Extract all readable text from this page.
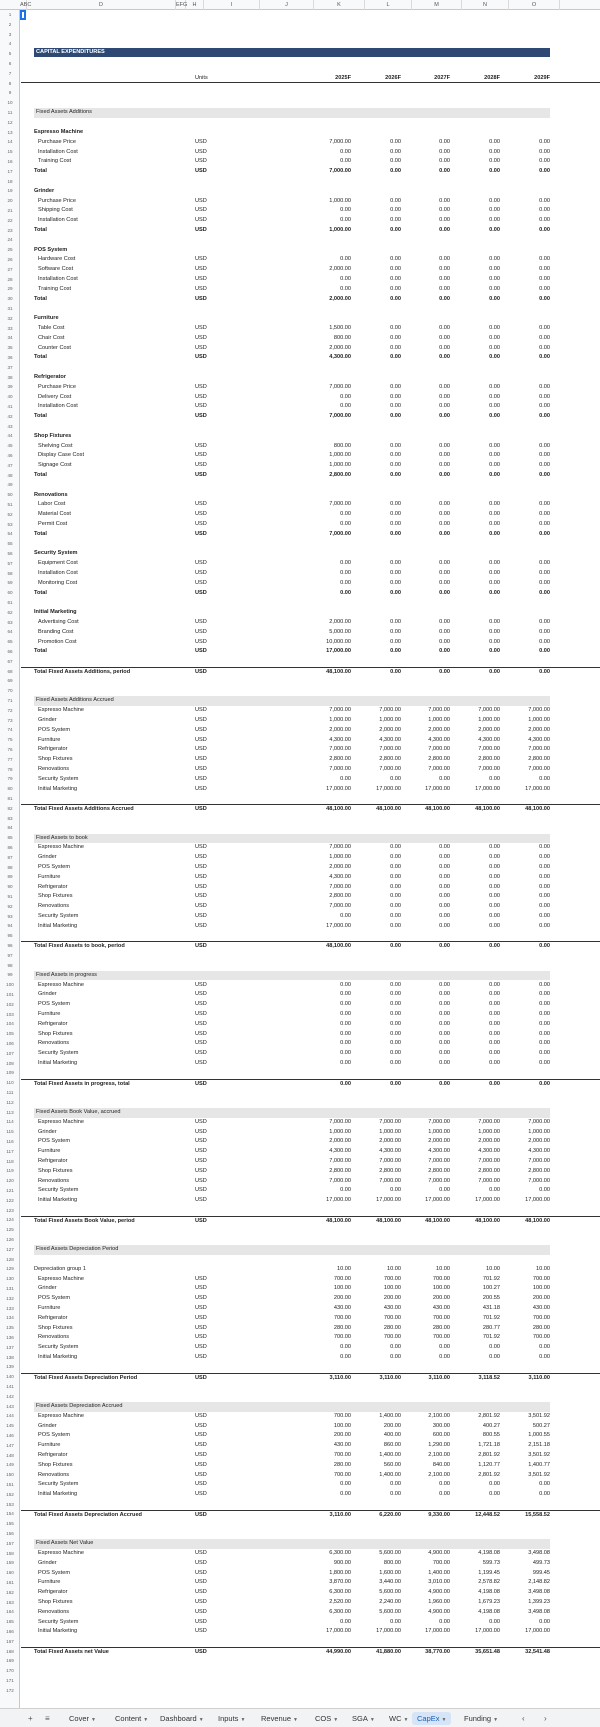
ABC	D	EFG H	I	J	K	L	M	N	O
1
2
3
4
5
6
7
8
9
10
11
12
13
14
15
16
17
18
19
20
21
22
23
24
25
26
27
28
29
30
31
32
33
34
35
36
37
38
39
40
41
42
43
44
45
46
47
48
49
50
51
52
53
54
55
56
57
58
59
60
61
62
63
64
65
66
67
68
69
70
71
72
73
74
75
76
77
78
79
80
81
82
83
84
85
86
87
88
89
90
91
92
93
94
95
96
97
98
99
100
101
102
103
104
105
106
107
108
109
110
111
112
113
114
115
116
117
118
119
120
121
122
123
124
125
126
127
128
129
130
131
132
133
134
135
136
137
138
139
140
141
142
143
144
145
146
147
148
149
150
151
152
153
154
155
156
157
158
159
160
161
162
163
164
165
166
167
168
169
170
171
172
CAPITAL EXPENDITURES
Units	2025F	2026F	2027F	2028F	2029F
Fixed Assets Additions
Espresso Machine
Purchase Price	USD	7,000.00	0.00	0.00	0.00	0.00
Installation Cost	USD	0.00	0.00	0.00	0.00	0.00
Training Cost	USD	0.00	0.00	0.00	0.00	0.00
Total	USD	7,000.00	0.00	0.00	0.00	0.00
Grinder
Purchase Price	USD	1,000.00	0.00	0.00	0.00	0.00
Shipping Cost	USD	0.00	0.00	0.00	0.00	0.00
Installation Cost	USD	0.00	0.00	0.00	0.00	0.00
Total	USD	1,000.00	0.00	0.00	0.00	0.00
POS System
Hardware Cost	USD	0.00	0.00	0.00	0.00	0.00
Software Cost	USD	2,000.00	0.00	0.00	0.00	0.00
Installation Cost	USD	0.00	0.00	0.00	0.00	0.00
Training Cost	USD	0.00	0.00	0.00	0.00	0.00
Total	USD	2,000.00	0.00	0.00	0.00	0.00
Furniture
Table Cost	USD	1,500.00	0.00	0.00	0.00	0.00
Chair Cost	USD	800.00	0.00	0.00	0.00	0.00
Counter Cost	USD	2,000.00	0.00	0.00	0.00	0.00
Total	USD	4,300.00	0.00	0.00	0.00	0.00
Refrigerator
Purchase Price	USD	7,000.00	0.00	0.00	0.00	0.00
Delivery Cost	USD	0.00	0.00	0.00	0.00	0.00
Installation Cost	USD	0.00	0.00	0.00	0.00	0.00
Total	USD	7,000.00	0.00	0.00	0.00	0.00
Shop Fixtures
Shelving Cost	USD	800.00	0.00	0.00	0.00	0.00
Display Case Cost	USD	1,000.00	0.00	0.00	0.00	0.00
Signage Cost	USD	1,000.00	0.00	0.00	0.00	0.00
Total	USD	2,800.00	0.00	0.00	0.00	0.00
Renovations
Labor Cost	USD	7,000.00	0.00	0.00	0.00	0.00
Material Cost	USD	0.00	0.00	0.00	0.00	0.00
Permit Cost	USD	0.00	0.00	0.00	0.00	0.00
Total	USD	7,000.00	0.00	0.00	0.00	0.00
Security System
Equipment Cost	USD	0.00	0.00	0.00	0.00	0.00
Installation Cost	USD	0.00	0.00	0.00	0.00	0.00
Monitoring Cost	USD	0.00	0.00	0.00	0.00	0.00
Total	USD	0.00	0.00	0.00	0.00	0.00
Initial Marketing
Advertising Cost	USD	2,000.00	0.00	0.00	0.00	0.00
Branding Cost	USD	5,000.00	0.00	0.00	0.00	0.00
Promotion Cost	USD	10,000.00	0.00	0.00	0.00	0.00
Total	USD	17,000.00	0.00	0.00	0.00	0.00
Total Fixed Assets Additions, period	USD	48,100.00	0.00	0.00	0.00	0.00
Fixed Assets Additions Accrued
Espresso Machine	USD	7,000.00	7,000.00	7,000.00	7,000.00	7,000.00
Grinder	USD	1,000.00	1,000.00	1,000.00	1,000.00	1,000.00
POS System	USD	2,000.00	2,000.00	2,000.00	2,000.00	2,000.00
Furniture	USD	4,300.00	4,300.00	4,300.00	4,300.00	4,300.00
Refrigerator	USD	7,000.00	7,000.00	7,000.00	7,000.00	7,000.00
Shop Fixtures	USD	2,800.00	2,800.00	2,800.00	2,800.00	2,800.00
Renovations	USD	7,000.00	7,000.00	7,000.00	7,000.00	7,000.00
Security System	USD	0.00	0.00	0.00	0.00	0.00
Initial Marketing	USD	17,000.00	17,000.00	17,000.00	17,000.00	17,000.00
Total Fixed Assets Additions Accrued	USD	48,100.00	48,100.00	48,100.00	48,100.00	48,100.00
Fixed Assets to book
Espresso Machine	USD	7,000.00	0.00	0.00	0.00	0.00
Grinder	USD	1,000.00	0.00	0.00	0.00	0.00
POS System	USD	2,000.00	0.00	0.00	0.00	0.00
Furniture	USD	4,300.00	0.00	0.00	0.00	0.00
Refrigerator	USD	7,000.00	0.00	0.00	0.00	0.00
Shop Fixtures	USD	2,800.00	0.00	0.00	0.00	0.00
Renovations	USD	7,000.00	0.00	0.00	0.00	0.00
Security System	USD	0.00	0.00	0.00	0.00	0.00
Initial Marketing	USD	17,000.00	0.00	0.00	0.00	0.00
Total Fixed Assets to book, period	USD	48,100.00	0.00	0.00	0.00	0.00
Fixed Assets in progress
Espresso Machine	USD	0.00	0.00	0.00	0.00	0.00
Grinder	USD	0.00	0.00	0.00	0.00	0.00
POS System	USD	0.00	0.00	0.00	0.00	0.00
Furniture	USD	0.00	0.00	0.00	0.00	0.00
Refrigerator	USD	0.00	0.00	0.00	0.00	0.00
Shop Fixtures	USD	0.00	0.00	0.00	0.00	0.00
Renovations	USD	0.00	0.00	0.00	0.00	0.00
Security System	USD	0.00	0.00	0.00	0.00	0.00
Initial Marketing	USD	0.00	0.00	0.00	0.00	0.00
Total Fixed Assets in progress, total	USD	0.00	0.00	0.00	0.00	0.00
Fixed Assets Book Value, accrued
Espresso Machine	USD	7,000.00	7,000.00	7,000.00	7,000.00	7,000.00
Grinder	USD	1,000.00	1,000.00	1,000.00	1,000.00	1,000.00
POS System	USD	2,000.00	2,000.00	2,000.00	2,000.00	2,000.00
Furniture	USD	4,300.00	4,300.00	4,300.00	4,300.00	4,300.00
Refrigerator	USD	7,000.00	7,000.00	7,000.00	7,000.00	7,000.00
Shop Fixtures	USD	2,800.00	2,800.00	2,800.00	2,800.00	2,800.00
Renovations	USD	7,000.00	7,000.00	7,000.00	7,000.00	7,000.00
Security System	USD	0.00	0.00	0.00	0.00	0.00
Initial Marketing	USD	17,000.00	17,000.00	17,000.00	17,000.00	17,000.00
Total Fixed Assets Book Value, period	USD	48,100.00	48,100.00	48,100.00	48,100.00	48,100.00
Fixed Assets Depreciation Period
Depreciation group 1	10.00	10.00	10.00	10.00	10.00
Espresso Machine	USD	700.00	700.00	700.00	701.92	700.00
Grinder	USD	100.00	100.00	100.00	100.27	100.00
POS System	USD	200.00	200.00	200.00	200.55	200.00
Furniture	USD	430.00	430.00	430.00	431.18	430.00
Refrigerator	USD	700.00	700.00	700.00	701.92	700.00
Shop Fixtures	USD	280.00	280.00	280.00	280.77	280.00
Renovations	USD	700.00	700.00	700.00	701.92	700.00
Security System	USD	0.00	0.00	0.00	0.00	0.00
Initial Marketing	USD	0.00	0.00	0.00	0.00	0.00
Total Fixed Assets Depreciation Period	USD	3,110.00	3,110.00	3,110.00	3,118.52	3,110.00
Fixed Assets Depreciation Accrued
Espresso Machine	USD	700.00	1,400.00	2,100.00	2,801.92	3,501.92
Grinder	USD	100.00	200.00	300.00	400.27	500.27
POS System	USD	200.00	400.00	600.00	800.55	1,000.55
Furniture	USD	430.00	860.00	1,290.00	1,721.18	2,151.18
Refrigerator	USD	700.00	1,400.00	2,100.00	2,801.92	3,501.92
Shop Fixtures	USD	280.00	560.00	840.00	1,120.77	1,400.77
Renovations	USD	700.00	1,400.00	2,100.00	2,801.92	3,501.92
Security System	USD	0.00	0.00	0.00	0.00	0.00
Initial Marketing	USD	0.00	0.00	0.00	0.00	0.00
Total Fixed Assets Depreciation Accrued	USD	3,110.00	6,220.00	9,330.00	12,448.52	15,558.52
Fixed Assets Net Value
Espresso Machine	USD	6,300.00	5,600.00	4,900.00	4,198.08	3,498.08
Grinder	USD	900.00	800.00	700.00	599.73	499.73
POS System	USD	1,800.00	1,600.00	1,400.00	1,199.45	999.45
Furniture	USD	3,870.00	3,440.00	3,010.00	2,578.82	2,148.82
Refrigerator	USD	6,300.00	5,600.00	4,900.00	4,198.08	3,498.08
Shop Fixtures	USD	2,520.00	2,240.00	1,960.00	1,679.23	1,399.23
Renovations	USD	6,300.00	5,600.00	4,900.00	4,198.08	3,498.08
Security System	USD	0.00	0.00	0.00	0.00	0.00
Initial Marketing	USD	17,000.00	17,000.00	17,000.00	17,000.00	17,000.00
Total Fixed Assets net Value	USD	44,990.00	41,880.00	38,770.00	35,651.48	32,541.48
+ ≡	Cover ▼	Content ▼	Dashboard ▼	Inputs ▼	Revenue ▼	COS ▼	SGA ▼	WC ▼	CapEx ▼	Funding ▼	‹ ›
